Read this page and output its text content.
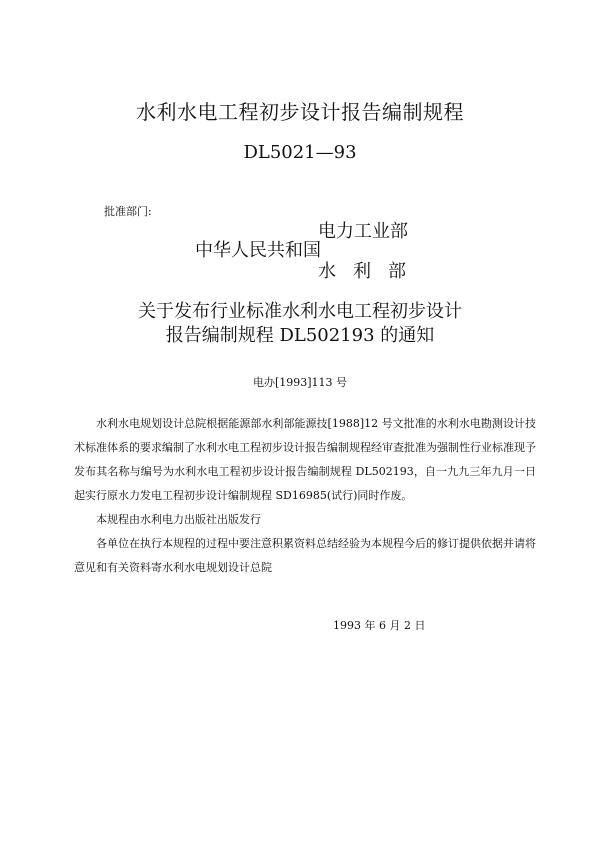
水利水电工程初步设计报告编制规程
DL5021—93
批准部门:
电力工业部
中华人民共和国
水利部
关于发布行业标准水利水电工程初步设计
报告编制规程 DL502193 的通知
电办[1993]113 号

水利水电规划设计总院根据能源部水利部能源技[1988]12 号文批准的水利水电勘测设计技术标准体系的要求编制了水利水电工程初步设计报告编制规程经审查批准为强制性行业标准现予发布其名称与编号为水利水电工程初步设计报告编制规程 DL502193，自一九九三年九月一日起实行原水力发电工程初步设计编制规程 SD16985(试行)同时作废。

本规程由水利电力出版社出版发行

各单位在执行本规程的过程中要注意积累资料总结经验为本规程今后的修订提供依据并请将意见和有关资料寄水利水电规划设计总院

1993 年 6 月 2 日
